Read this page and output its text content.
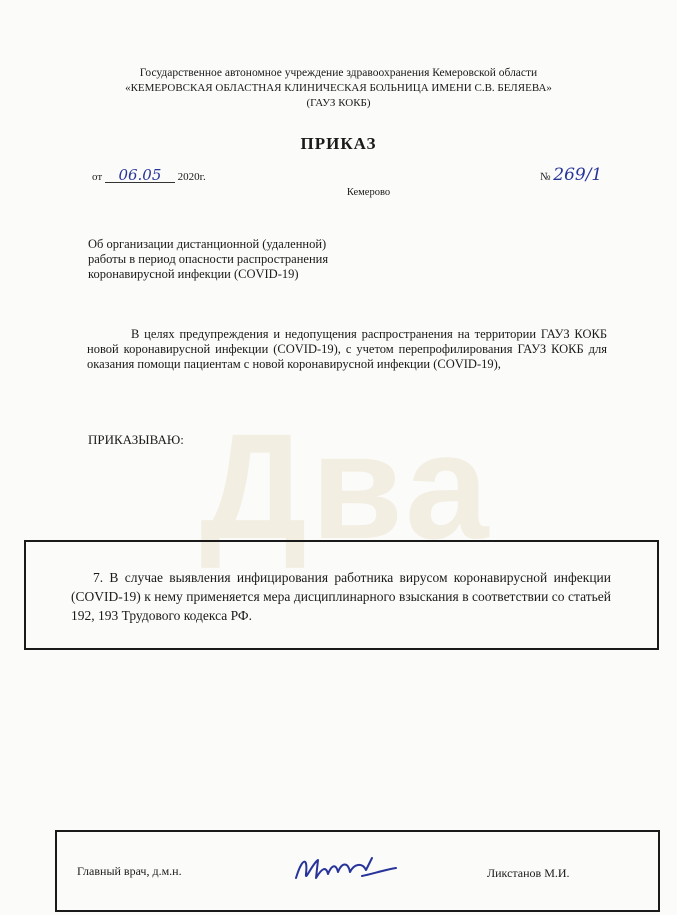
Два
Государственное автономное учреждение здравоохранения Кемеровской области
«КЕМЕРОВСКАЯ ОБЛАСТНАЯ КЛИНИЧЕСКАЯ БОЛЬНИЦА ИМЕНИ С.В. БЕЛЯЕВА»
(ГАУЗ КОКБ)
ПРИКАЗ
от 06.05 2020г.
Кемерово
№ 269/1
Об организации дистанционной (удаленной)
работы в период опасности распространения
коронавирусной инфекции (COVID-19)
В целях предупреждения и недопущения распространения на территории ГАУЗ КОКБ новой коронавирусной инфекции (COVID-19), с учетом перепрофилирования ГАУЗ КОКБ для оказания помощи пациентам с новой коронавирусной инфекции (COVID-19),
ПРИКАЗЫВАЮ:
7. В случае выявления инфицирования работника вирусом коронавирусной инфекции (COVID-19) к нему применяется мера дисциплинарного взыскания в соответствии со статьей 192, 193 Трудового кодекса РФ.
Главный врач, д.м.н.	Ликстанов М.И.
